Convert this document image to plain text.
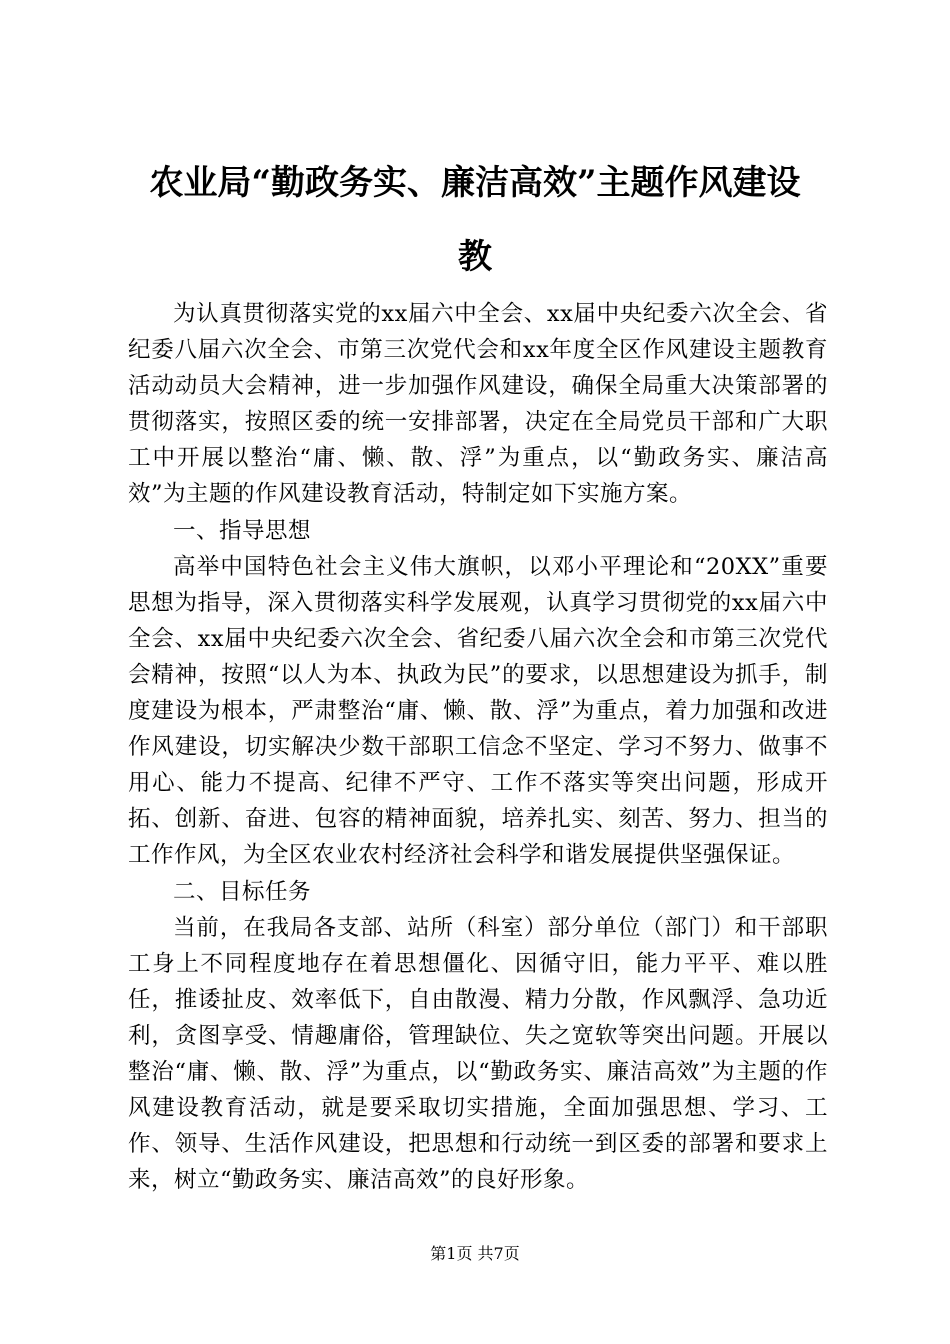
农业局“勤政务实、廉洁高效”主题作风建设
教

为认真贯彻落实党的xx届六中全会、xx届中央纪委六次全会、省纪委八届六次全会、市第三次党代会和xx年度全区作风建设主题教育活动动员大会精神，进一步加强作风建设，确保全局重大决策部署的贯彻落实，按照区委的统一安排部署，决定在全局党员干部和广大职工中开展以整治“庸、懒、散、浮”为重点，以“勤政务实、廉洁高效”为主题的作风建设教育活动，特制定如下实施方案。

一、指导思想

高举中国特色社会主义伟大旗帜，以邓小平理论和“20XX”重要思想为指导，深入贯彻落实科学发展观，认真学习贯彻党的xx届六中全会、xx届中央纪委六次全会、省纪委八届六次全会和市第三次党代会精神，按照“以人为本、执政为民”的要求，以思想建设为抓手，制度建设为根本，严肃整治“庸、懒、散、浮”为重点，着力加强和改进作风建设，切实解决少数干部职工信念不坚定、学习不努力、做事不用心、能力不提高、纪律不严守、工作不落实等突出问题，形成开拓、创新、奋进、包容的精神面貌，培养扎实、刻苦、努力、担当的工作作风，为全区农业农村经济社会科学和谐发展提供坚强保证。

二、目标任务

当前，在我局各支部、站所（科室）部分单位（部门）和干部职工身上不同程度地存在着思想僵化、因循守旧，能力平平、难以胜任，推诿扯皮、效率低下，自由散漫、精力分散，作风飘浮、急功近利，贪图享受、情趣庸俗，管理缺位、失之宽软等突出问题。开展以整治“庸、懒、散、浮”为重点，以“勤政务实、廉洁高效”为主题的作风建设教育活动，就是要采取切实措施，全面加强思想、学习、工作、领导、生活作风建设，把思想和行动统一到区委的部署和要求上来，树立“勤政务实、廉洁高效”的良好形象。

第1页 共7页
